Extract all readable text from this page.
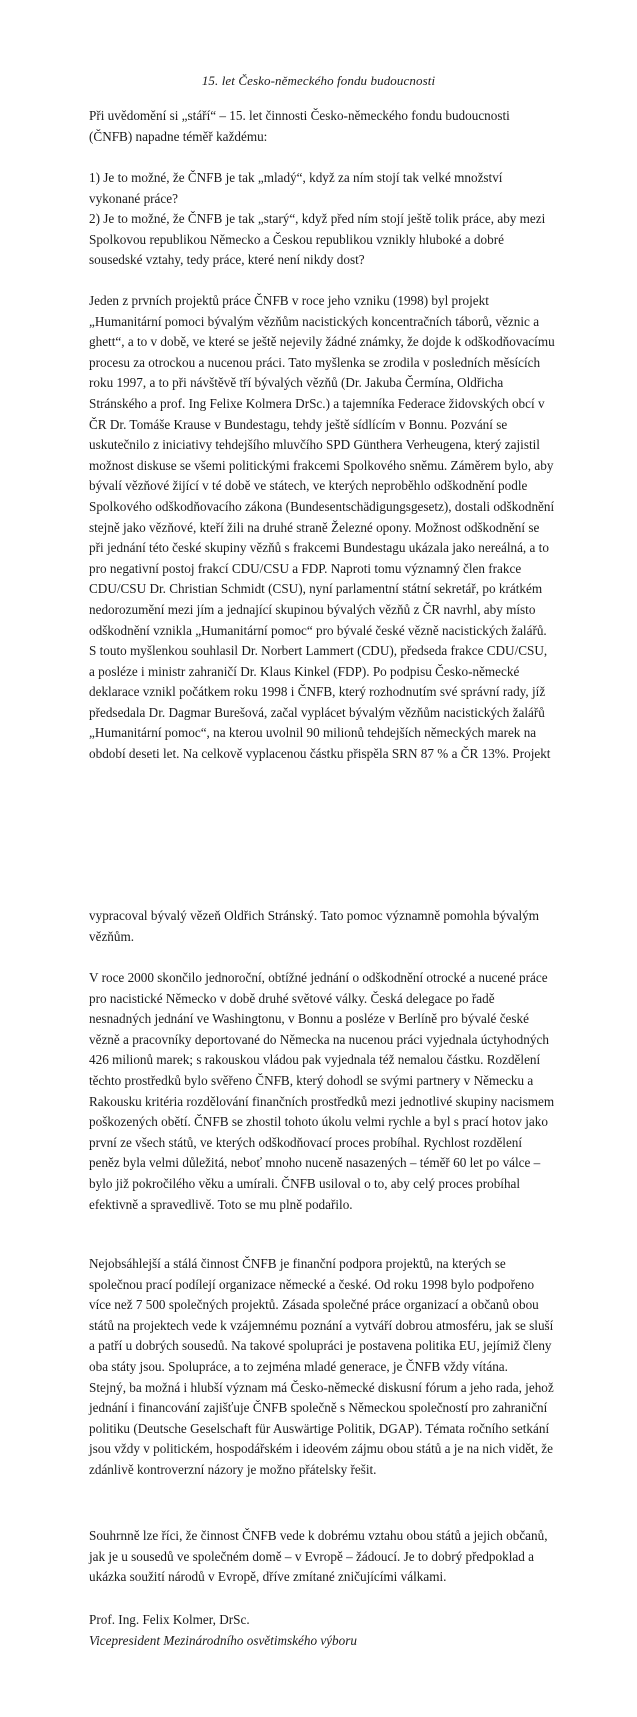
15. let Česko-německého fondu budoucnosti
Při uvědomění si „stáří“ – 15. let činnosti Česko-německého fondu budoucnosti
(ČNFB) napadne téměř každému:
1) Je to možné, že ČNFB je tak „mladý“, když za ním stojí tak velké množství
vykonané práce?
2) Je to možné, že ČNFB je tak „starý“, když před ním stojí ještě tolik práce, aby mezi
Spolkovou republikou Německo a Českou republikou vznikly hluboké a dobré
sousedské vztahy, tedy práce, které není nikdy dost?
Jeden z prvních projektů práce ČNFB v roce jeho vzniku (1998) byl projekt
„Humanitární pomoci bývalým vězňům nacistických koncentračních táborů, věznic a
ghett“, a to v době, ve které se ještě nejevily žádné známky, že dojde k odškodňovacímu
procesu za otrockou a nucenou práci. Tato myšlenka se zrodila v posledních měsících
roku 1997, a to při návštěvě tří bývalých vězňů (Dr. Jakuba Čermína, Oldřicha
Stránského a prof. Ing Felixe Kolmera DrSc.) a tajemníka Federace židovských obcí v
ČR Dr. Tomáše Krause v Bundestagu, tehdy ještě sídlícím v Bonnu. Pozvání se
uskutečnilo z iniciativy tehdejšího mluvčího SPD Günthera Verheugena, který zajistil
možnost diskuse se všemi politickými frakcemi Spolkového sněmu. Záměrem bylo, aby
bývalí vězňové žijící v té době ve státech, ve kterých neproběhlo odškodnění podle
Spolkového odškodňovacího zákona (Bundesentschädigungsgesetz), dostali odškodnění
stejně jako vězňové, kteří žili na druhé straně Železné opony. Možnost odškodnění se
při jednání této české skupiny vězňů s frakcemi Bundestagu ukázala jako nereálná, a to
pro negativní postoj frakcí CDU/CSU a FDP. Naproti tomu významný člen frakce
CDU/CSU Dr. Christian Schmidt (CSU), nyní parlamentní státní sekretář, po krátkém
nedorozumění mezi jím a jednající skupinou bývalých vězňů z ČR navrhl, aby místo
odškodnění vznikla „Humanitární pomoc“ pro bývalé české vězně nacistických žalářů.
S touto myšlenkou souhlasil Dr. Norbert Lammert (CDU), předseda frakce CDU/CSU,
a posléze i ministr zahraničí Dr. Klaus Kinkel (FDP). Po podpisu Česko-německé
deklarace vznikl počátkem roku 1998 i ČNFB, který rozhodnutím své správní rady, jíž
předsedala Dr. Dagmar Burešová, začal vyplácet bývalým vězňům nacistických žalářů
„Humanitární pomoc“, na kterou uvolnil 90 milionů tehdejších německých marek na
období deseti let. Na celkově vyplacenou částku přispěla SRN 87 % a ČR 13%. Projekt
vypracoval bývalý vězeň Oldřich Stránský. Tato pomoc významně pomohla bývalým
vězňům.
V roce 2000 skončilo jednoroční, obtížné jednání o odškodnění otrocké a nucené práce
pro nacistické Německo v době druhé světové války. Česká delegace po řadě
nesnadných jednání ve Washingtonu, v Bonnu a posléze v Berlíně pro bývalé české
vězně a pracovníky deportované do Německa na nucenou práci vyjednala úctyhodných
426 milionů marek; s rakouskou vládou pak vyjednala též nemalou částku. Rozdělení
těchto prostředků bylo svěřeno ČNFB, který dohodl se svými partnery v Německu a
Rakousku kritéria rozdělování finančních prostředků mezi jednotlivé skupiny nacismem
poškozených obětí. ČNFB se zhostil tohoto úkolu velmi rychle a byl s prací hotov jako
první ze všech států, ve kterých odškodňovací proces probíhal. Rychlost rozdělení
peněz byla velmi důležitá, neboť mnoho nuceně nasazených – téměř 60 let po válce –
bylo již pokročilého věku a umírali. ČNFB usiloval o to, aby celý proces probíhal
efektivně a spravedlivě. Toto se mu plně podařilo.
Nejobsáhlejší a stálá činnost ČNFB je finanční podpora projektů, na kterých se
společnou prací podílejí organizace německé a české. Od roku 1998 bylo podpořeno
více než 7 500 společných projektů. Zásada společné práce organizací a občanů obou
států na projektech vede k vzájemnému poznání a vytváří dobrou atmosféru, jak se sluší
a patří u dobrých sousedů. Na takové spolupráci je postavena politika EU, jejímiž členy
oba státy jsou. Spolupráce, a to zejména mladé generace, je ČNFB vždy vítána.
Stejný, ba možná i hlubší význam má Česko-německé diskusní fórum a jeho rada, jehož
jednání i financování zajišťuje ČNFB společně s Německou společností pro zahraniční
politiku (Deutsche Geselschaft für Auswärtige Politik, DGAP). Témata ročního setkání
jsou vždy v politickém, hospodářském i ideovém zájmu obou států a je na nich vidět, že
zdánlivě kontroverzní názory je možno přátelsky řešit.
Souhrnně lze říci, že činnost ČNFB vede k dobrému vztahu obou států a jejich občanů,
jak je u sousedů ve společném domě – v Evropě – žádoucí. Je to dobrý předpoklad a
ukázka soužití národů v Evropě, dříve zmítané zničujícími válkami.
Prof. Ing. Felix Kolmer, DrSc.
Vicepresident Mezinárodního osvětimského výboru
